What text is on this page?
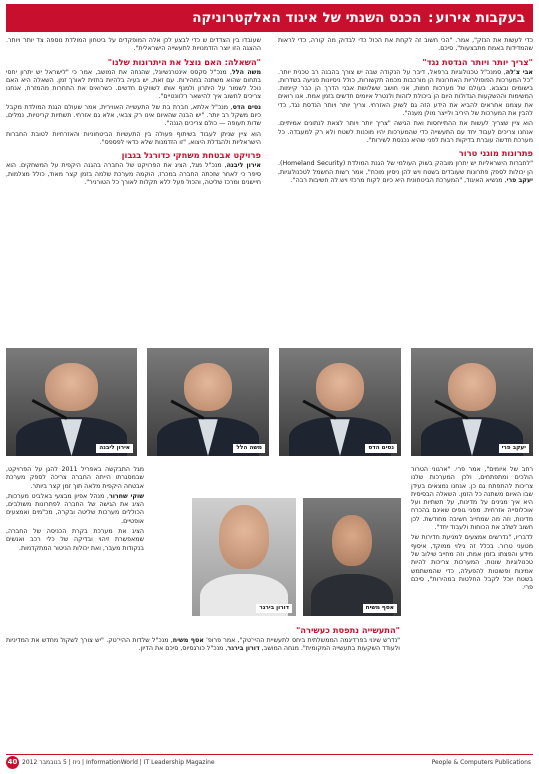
בעקבות אירוע: הכנס השנתי של איגוד האלקטרוניקה

כדי לעשות את הנזק", אמר. "הכי חשוב זה לקחת את הכול כדי לבדוק מה קורה, כדי לראות שהמדידות באמת מתבצעות", סיכם.

"צריך יותר ויותר הנדסת נגד"

אבי צ'לה, סמנכ"ל טכנולוגיות ברפאל, דיבר על הנקודה שבה יש צורך בהבנה רב טכנית יותר. "כל המערכות הפופולריות האחרונות הן מורכבות מכמה תקשורות, כולל ניסיונות פגיעה בשדרות, בישומים ובצבא. בעולם של מערכות חמות, אני חושב ששלושת אבני הדרך הן כבר קיימות. המשימות וההשקעות הגדולות היום הן ביכולת לזהות ולנטרל איומים חדשים בזמן אמת. אנו רואים את עצמנו אחראים להביא את הידע הזה גם לשוק האזרחי. צריך יותר ויותר הנדסת נגד, כדי להבין את המערכות של היריב ולייצר מולן מענה".

הוא ציין שצריך לעשות את ההתייחסות ואת הגישה "צריך יותר ויותר לצאת לנתונים אמיתיים. אנחנו צריכים לעבוד יחד עם התעשייה כדי שהמערכות יהיו מוכנות לשטח ולא רק למעבדה. כל מערכת חדשה עוברת בדיקות רבות לפני שהיא נכנסת לשירות".

פתרונות מוגני טרור

"לחברות הישראליות יש יתרון מובהק בשוק העולמי של הגנת המולדת (Homeland Security). הן יכולות לספק פתרונות שעובדים בשטח ויש להן ניסיון מוכח", אמר רשות החשמל לטכנולוגיות, יעקב פרי, מנשיא האיגוד, "המערכת הביטחונית היא כיום לקוח מרכזי ויש לה חשיבות רבה".

שעובדו בין הצדדים ש כדי לבצע לכן אלה המופקדים על ביטחון המולדת נוספה צד יותר ויותר. ההצגה הזו יוצר הזדמנויות לתעשייה הישראלית".

"השאלה: האם נוצל את היתרונות שלנו"

משה הלל, מנכ"ל סקסס אינטרנשיונל, שהנחה את המושב, אמר כי "לישראל יש יתרון יחסי בתחום שהוא משתנה במהירות. עם זאת, יש בעיה בלהיות בחזית לאורך זמן. השאלה היא האם נוכל לשמור על היתרון ולמנף אותו לשווקים חדשים. כשרואים את התחרות מהמזרח, אנחנו צריכים לחשוב איך להישאר רלוונטיים".

נסים הדס, מנכ"ל אלתא, חברת בת של התעשייה האווירית, אמר שעולם הגנת המולדת מקבל כיום משקל רב יותר. "יש הבנה שהאיום אינו רק צבאי, אלא גם אזרחי. תשתיות קריטיות, נמלים, שדות תעופה — כולם צריכים הגנה".

הוא ציין שניתן לעבוד בשיתוף פעולה בין התעשיות הביטחוניות והאזרחיות לטובת החברות הישראליות ולהגדלת היצוא, "זו הזדמנות שלא כדאי לפספס".

פרויקט אבטחת משחקי כדורגל בגבון

אירון ליבנה, מנכ"ל מגל, הציג את הפרויקט של החברה בהגנה היקפית על המשחקים. הוא סיפר כי לאחר שזכתה החברה במכרז, הוקמה מערכת שלמה בזמן קצר מאוד, כולל מצלמות, חיישנים ומרכז שליטה, והכול פעל ללא תקלות לאורך כל הטורניר".

יעקב פרי
נסים הדס
משה הלל
אירון ליבנה

רחב של איומים", אמר פרי. "ארגוני הטרור הולכים ומתפתחים, ולכן המערכות שלנו צריכות להתפתח גם כן. אנחנו נמצאים בעידן שבו האיום משתנה כל הזמן. השאלה הבסיסית היא איך מגינים על מדינות, על תשתיות ועל אוכלוסייה אזרחית. מפני גופים שאינם בהכרח מדינות, וזה מה שמחייב חשיבה מחודשת. לכן חשוב לשלב את הכוחות ולעבוד יחד".

לדבריו, "נדרשים אמצעים למניעת חדירות של מטעני טרור. בכלל זה גילוי ממוקד, איסוף מידע והפצתו בזמן אמת, וזה מחייב שילוב של טכנולוגיות שונות. המערכות צריכות להיות אמינות ופשוטות להפעלה, כדי שהמשתמש בשטח יוכל לקבל החלטות במהירות", סיכם פרי.

אסף משיח
דורון בירגר

מגל התבקשה באפריל 2011 להגן על הפרויקט, שבמסגרתו הייתה החברה צריכה לספק מערכת אבטחה היקפית מלאה תוך זמן קצר ביותר.

שוקי שחרור, מנהל אפיון מבצעי באלביט מערכות, הציג את הגישה של החברה לפתרונות משולבים, הכוללים מערכות שליטה ובקרה, מכ"מים ואמצעים אופטיים.

הציג את מערכת בקרת הכניסה של החברה, שמאפשרת זיהוי ובדיקה של כלי רכב ואנשים בנקודות מעבר, ואת יכולות הניטור המתקדמות.

"התעשייה נתפסת כעשירה"

"נדרש שינוי בפרדיגמה הממשלתית ביחס לתעשיית ההיי־טק", אמר פרופ' אסף משיח, מנכ"ל שלדות ההיי־טק. "יש צורך לשקול מחדש את המדיניות ולעודד השקעות בתעשייה המקומית". מנחה המושב, דורון בירגר, מנכ"ל כורגסיוס, סיכם את הדיון.

40 ניוז | 5 בנובמבר 2012 | InformationWorld | IT Leadership Magazine	People & Computers Publications
